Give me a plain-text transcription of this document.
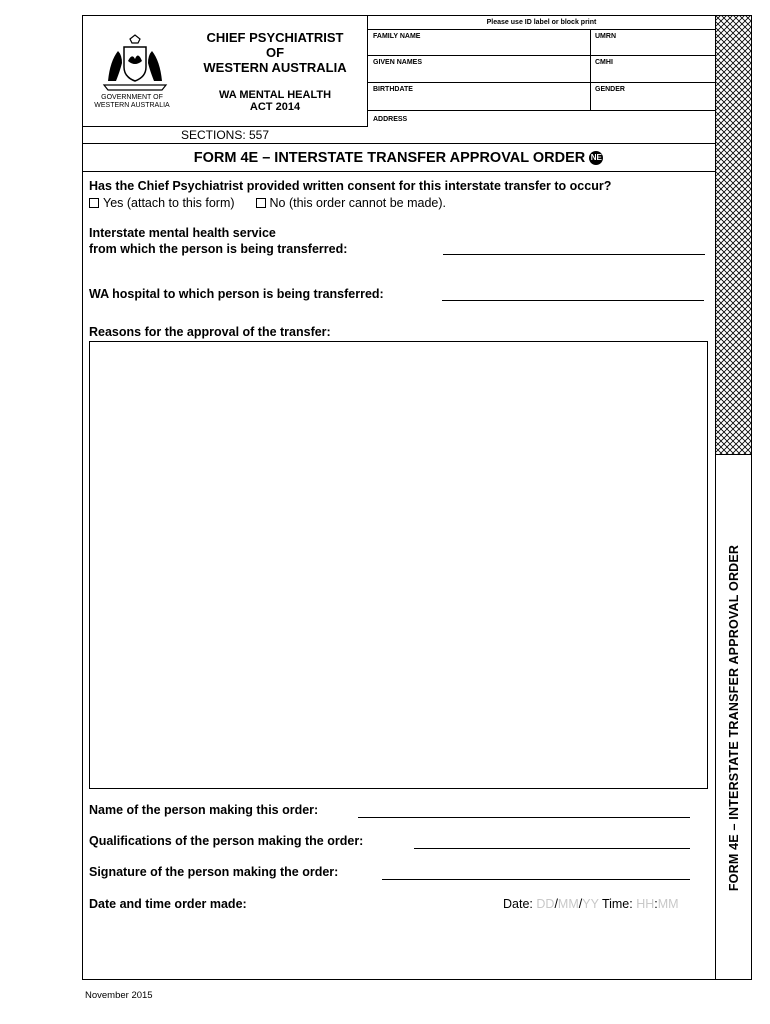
GOVERNMENT OF
WESTERN AUSTRALIA
CHIEF PSYCHIATRIST
OF
WESTERN AUSTRALIA
WA MENTAL HEALTH
ACT 2014
SECTIONS: 557
Please use ID label or block print
FAMILY NAME	UMRN
GIVEN NAMES	CMHI
BIRTHDATE	GENDER
ADDRESS
FORM 4E – INTERSTATE TRANSFER APPROVAL ORDER NE
FORM 4E – INTERSTATE TRANSFER APPROVAL ORDER
Has the Chief Psychiatrist provided written consent for this interstate transfer to occur?
Yes (attach to this form)	No (this order cannot be made).
Interstate mental health service
from which the person is being transferred:
WA hospital to which person is being transferred:
Reasons for the approval of the transfer:
Name of the person making this order:
Qualifications of the person making the order:
Signature of the person making the order:
Date and time order made:	Date: DD/MM/YY Time: HH:MM
November 2015
